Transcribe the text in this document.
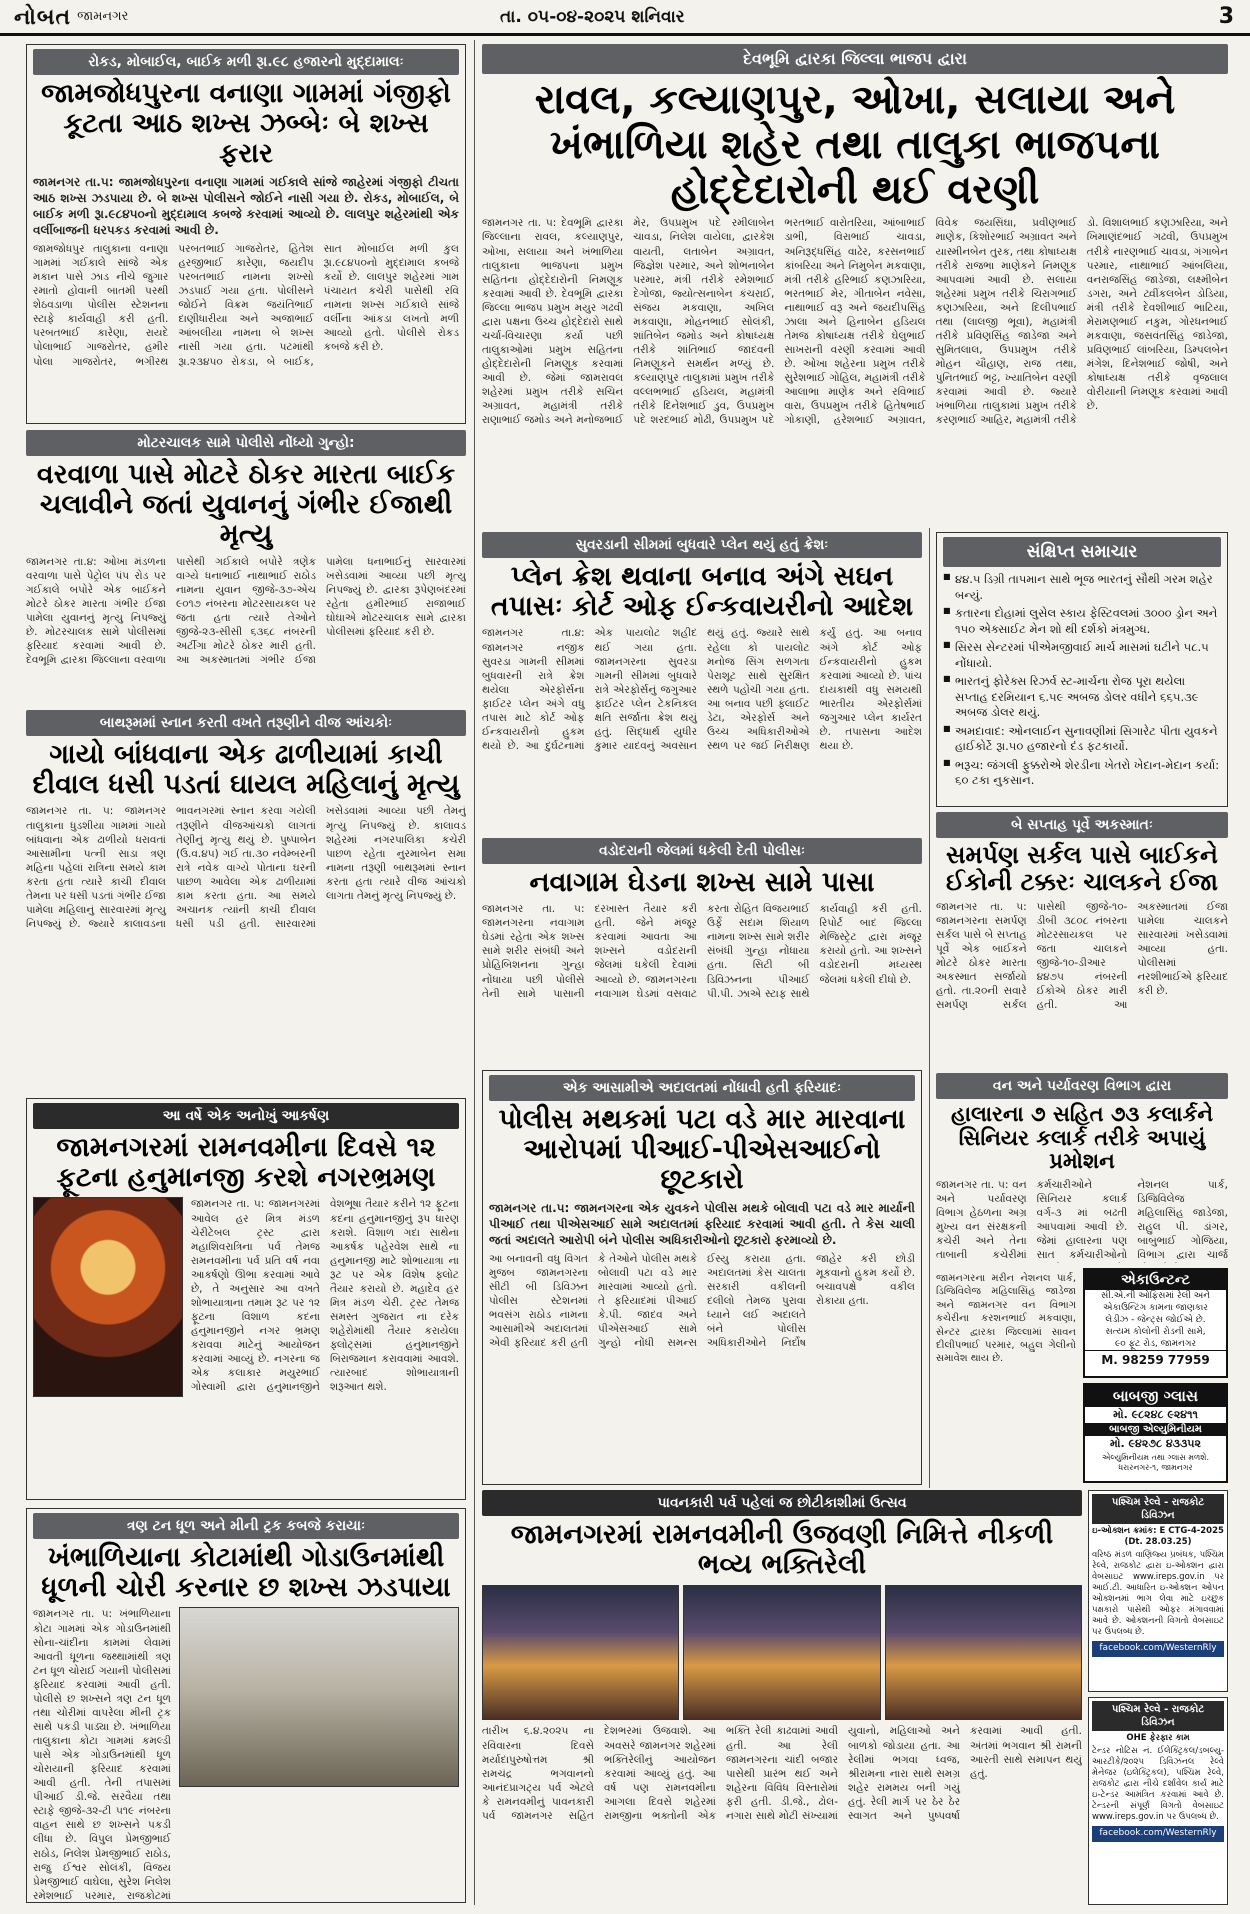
નોબત જામનગર	તા. ૦૫-૦૪-૨૦૨૫ શનિવાર	3
રોકડ, મોબાઈલ, બાઈક મળી રૂા.૯૮ હજારનો મુદ્દામાલઃ
જામજોધપુરના વનાણા ગામમાં ગંજીફો કૂટતા આઠ શખ્સ ઝબ્બેઃ બે શખ્સ ફરાર
જામનગર તા.૫: જામજોધપુરના વનાણા ગામમાં ગઈકાલે સાંજે જાહેરમાં ગંજીફો ટીચતા આઠ શખ્સ ઝડપાયા છે. બે શખ્સ પોલીસને જોઈને નાસી ગયા છે. રોકડ, મોબાઈલ, બે બાઈક મળી રૂા.૯૮૪૫૦નો મુદ્દામાલ કબજે કરવામાં આવ્યો છે. લાલપુર શહેરમાંથી એક વર્લીબાજની ધરપકડ કરવામાં આવી છે.
જામજોધપુર તાલુકાના વનાણા ગામમાં ગઈકાલે સાંજે એક મકાન પાસે ઝાડ નીચે જુગાર રમાતો હોવાની બાતમી પરથી શેઠવડાળા પોલીસ સ્ટેશનના સ્ટાફે કાર્યવાહી કરી હતી. પરબતભાઈ કારેણા, રાયદે પોલાભાઈ ગાજરોતર, હમીર પોલા ગાજરોતર, ભગીરથ પરબતભાઈ ગાજરોતર, હિતેશ હરજીભાઈ કારેણા, જયદીપ પરબતભાઈ નામના શખ્સો ઝડપાઈ ગયા હતા. પોલીસને જોઈને વિક્રમ જયંતિભાઈ દાણીધારીયા અને અજાભાઈ આંબલીયા નામના બે શખ્સ નાસી ગયા હતા. પટમાંથી રૂા.૨૩૪૫૦ રોકડા, બે બાઈક, સાત મોબાઈલ મળી કુલ રૂા.૯૮૪૫૦નો મુદ્દામાલ કબજે કર્યો છે. લાલપુર શહેરમાં ગામ પંચાયત કચેરી પાસેથી રવિ નામના શખ્સ ગઈકાલે સાંજે વર્લીના આંકડા લખતો મળી આવ્યો હતો. પોલીસે રોકડ કબજે કરી છે.
મોટરચાલક સામે પોલીસે નોંધ્યો ગુન્હો:
વરવાળા પાસે મોટરે ઠોકર મારતા બાઈક ચલાવીને જતાં યુવાનનું ગંભીર ઈજાથી મૃત્યુ
જામનગર તા.૪: ઓખા મંડળના વરવાળા પાસે પેટ્રોલ પંપ રોડ પર ગઈકાલે બપોરે એક બાઈકને મોટરે ઠોકર મારતા ગંભીર ઈજા પામેલા યુવાનનું મૃત્યુ નિપજ્યું છે. મોટરચાલક સામે પોલીસમાં ફરિયાદ કરવામાં આવી છે. દેવભૂમિ દ્વારકા જિલ્લાના વરવાળા પાસેથી ગઈકાલે બપોરે ત્રણેક વાગ્યે ધનાભાઈ નાથાભાઈ રાઠોડ નામના યુવાન જીજે-૩૭-એચ ૯૦૧૭ નંબરના મોટરસાયકલ પર જતા હતા ત્યારે તેઓને જીજે-૨૩-સીસી ૬૩૬૮ નંબરની અર્ટીગા મોટરે ઠોકર મારી હતી. આ અકસ્માતમાં ગંભીર ઈજા પામેલા ધનાભાઈનું સારવારમાં ખસેડવામાં આવ્યા પછી મૃત્યુ નિપજ્યું છે. દ્વારકા રૂપેણબંદરમાં રહેતા હમીરભાઈ રાજાભાઈ ઘોઘાએ મોટરચાલક સામે દ્વારકા પોલીસમાં ફરિયાદ કરી છે.
બાથરૂમમાં સ્નાન કરતી વખતે તરૂણીને વીજ આંચકોઃ
ગાયો બાંધવાના એક ઢાળીયામાં કાચી દીવાલ ધસી પડતાં ઘાયલ મહિલાનું મૃત્યુ
જામનગર તા. ૫: જામનગર તાલુકાના ધુડશીયા ગામમાં ગાયો બાંધવાના એક ઢાળીયો ધરાવતાં આસામીના પત્ની સાડા ત્રણ મહિના પહેલાં રાત્રિના સમયે કામ કરતા હતા ત્યારે કાચી દીવાલ તેમના પર ધસી પડતાં ગંભીર ઈજા પામેલા મહિલાનું સારવારમાં મૃત્યુ નિપજ્યું છે. જ્યારે કાલાવડના ભાવનગરમાં સ્નાન કરવા ગયેલી તરૂણીને વીજઆંચકો લાગતાં તેણીનું મૃત્યુ થયું છે. પુષ્પાબેન (ઉ.વ.૪૫) ગઈ તા.૩૦ નવેમ્બરની રાત્રે નવેક વાગ્યે પોતાના ઘરની પાછળ આવેલા એક ઢાળીયામાં કામ કરતા હતા. આ સમયે અચાનક ત્યાંની કાચી દીવાલ ધસી પડી હતી. સારવારમાં ખસેડવામાં આવ્યા પછી તેમનું મૃત્યુ નિપજ્યું છે. કાલાવડ શહેરમાં નગરપાલિકા કચેરી પાછળ રહેતા નુરમાબેન સમા નામના તરૂણી બાથરૂમમાં સ્નાન કરતા હતા ત્યારે વીજ આંચકો લાગતા તેમનું મૃત્યુ નિપજ્યું છે.
આ વર્ષે એક અનોખું આકર્ષણ
જામનગરમાં રામનવમીના દિવસે ૧૨ ફૂટના હનુમાનજી કરશે નગરભ્રમણ
જામનગર તા. ૫: જામનગરમાં આવેલ હર મિત્ર મંડળ ચેરીટેબલ ટ્રસ્ટ દ્વારા મહાશિવરાત્રિના પર્વ તેમજ રામનવમીના પર્વ પ્રતિ વર્ષ નવા આકર્ષણો ઊભા કરવામાં આવે છે, તે અનુસાર આ વખતે શોભાયાત્રાના તમામ રૂટ પર ૧૨ ફૂટના વિશાળ કદના હનુમાનજીને નગર ભ્રમણ કરાવવા માટેનું આયોજન કરવામાં આવ્યું છે. નગરના જ એક કલાકાર મયુરભાઈ ગોસ્વામી દ્વારા હનુમાનજીને વેશભૂષા તૈયાર કરીને ૧૨ ફૂટના કદના હનુમાનજીનું રૂપ ધારણ કરાશે. વિશાળ ગદા સાથેના આકર્ષક પહેરવેશ સાથે ના હનુમાનજી માટે શોભાયાત્રા ના રૂટ પર એક વિશેષ ફ્લોટ તૈયાર કરાયો છે. મહાદેવ હર મિત્ર મંડળ ચેરી. ટ્રસ્ટ તેમજ સમસ્ત ગુજરાત ના દરેક શહેરોમાંથી તૈયાર કરાયેલા ફ્લોટ્સમાં હનુમાનજીને બિરાજમાન કરાવવામાં આવશે. ત્યારબાદ શોભાયાત્રાની શરૂઆત થશે.
ત્રણ ટન ધૂળ અને મીની ટ્રક કબજે કરાયાઃ
ખંભાળિયાના કોટામાંથી ગોડાઉનમાંથી ધૂળની ચોરી કરનાર છ શખ્સ ઝડપાયા
જામનગર તા. ૫: ખંભાળિયાના કોટા ગામમાં એક ગોડાઉનમાંથી સોના-ચાંદીના કામમાં લેવામાં આવતી ધૂળના જથ્થામાંથી ત્રણ ટન ધૂળ ચોરાઈ ગયાની પોલીસમાં ફરિયાદ કરવામાં આવી હતી. પોલીસે છ શખ્સને ત્રણ ટન ધૂળ તથા ચોરીમાં વાપરેલા મીની ટ્રક સાથે પકડી પાડ્યા છે. ખંભાળિયા તાલુકાના કોટા ગામમાં કમલ્ડી પાસે એક ગોડાઉનમાંથી ધૂળ ચોરાયાની ફરિયાદ કરવામાં આવી હતી. તેની તપાસમાં પીઆઈ ડી.જે. સરવૈયા તથા સ્ટાફે જીજે-૩૨-ટી ૫૧૯ નંબરના વાહન સાથે છ શખ્સને પકડી લીધા છે. વિપુલ પ્રેમજીભાઈ રાઠોડ, નિલેશ પ્રેમજીભાઈ રાઠોડ, રાજુ ઈશ્વર સોલંકી, વિજય પ્રેમજીભાઈ વાઘેલા, સુરેશ નિલેશ રમેશભાઈ પરમાર, રાજકોટમાં
દેવભૂમિ દ્વારકા જિલ્લા ભાજપ દ્વારા
રાવલ, કલ્યાણપુર, ઓખા, સલાયા અને ખંભાળિયા શહેર તથા તાલુકા ભાજપના હોદ્દેદારોની થઈ વરણી
જામનગર તા. ૫: દેવભૂમિ દ્વારકા જિલ્લાના રાવલ, કલ્યાણપુર, ઓખા, સલાયા અને ખંભાળિયા તાલુકાના ભાજપના પ્રમુખ સહિતના હોદ્દેદારોની નિમણૂક કરવામાં આવી છે. દેવભૂમિ દ્વારકા જિલ્લા ભાજપ પ્રમુખ મયુર ગઢવી દ્વારા પક્ષના ઉચ્ચ હોદ્દેદારો સાથે ચર્ચા-વિચારણા કર્યા પછી તાલુકાઓમાં પ્રમુખ સહિતના હોદ્દેદારોની નિમણૂક કરવામાં આવી છે. જેમાં જામરાવલ શહેરમાં પ્રમુખ તરીકે સચિન અગ્રાવત, મહામંત્રી તરીકે રાણાભાઈ જમોડ અને મનોજભાઈ મેર, ઉપપ્રમુખ પદે રમીલાબેન ચાવડા, નિલેશ વાયેલા, દ્વારકેશ વાયતી, લતાબેન અગ્રાવત, જિજ્ઞેશ પરમાર, અને શોભનાબેન પરમાર, મંત્રી તરીકે રમેશભાઈ દેગોજા, જ્યોત્સનાબેન કંચરાઈ, સંજય મકવાણા, અખિલ મકવાણા, મોહનભાઈ સોલંકી, શાંતિબેન જમોડ અને કોષાધ્યક્ષ તરીકે શાંતિભાઈ જાદવની નિમણૂકને સમર્થન મળ્યું છે. કલ્યાણપુર તાલુકામાં પ્રમુખ તરીકે વલ્લભભાઈ હડિયલ, મહામંત્રી તરીકે દિનેશભાઈ ડુવ, ઉપપ્રમુખ પદે શરદભાઈ મોઢી, ઉપપ્રમુખ પદે ભરતભાઈ વારોતરિયા, આંબાભાઈ ડાભી, વિરાભાઈ ચાવડા, અનિરૂદ્ધસિંહ વાઢેર, કરસનભાઈ કાંબરિયા અને નિમુબેન મકવાણા, મંત્રી તરીકે હરિભાઈ કણઝારિયા, ભરતભાઈ મેર, ગીતાબેન નવેસા, નાથાભાઈ વરૂ અને જયદીપસિંહ ઝાલા અને હિનાબેન હડિયલ તેમજ કોષાધ્યક્ષ તરીકે ઘેલુભાઈ સાખરાની વરણી કરવામાં આવી છે. ઓખા શહેરના પ્રમુખ તરીકે સુરેશભાઈ ગોહિલ, મહામંત્રી તરીકે આલાભા માણેક અને રવિભાઈ વારા, ઉપપ્રમુખ તરીકે હિતેષભાઈ ગોકાણી, હરેશભાઈ અગ્રાવત, વિવેક જયસિંઘા, પ્રવીણભાઈ માણેક, કિશોરભાઈ અગ્રાવત અને યાસ્મીનબેન તુરક, તથા કોષાધ્યક્ષ તરીકે રાજભા માણેકને નિમણૂક આપવામાં આવી છે. સલાયા શહેરમાં પ્રમુખ તરીકે ચિરાગભાઈ કણઝારિયા, અને દિલીપભાઈ તથા (લાલજી ભૂવા), મહામંત્રી તરીકે પ્રવિણસિંહ જાડેજા અને સુમિતલાલ, ઉપપ્રમુખ તરીકે મોહન ચૌહાણ, રાજ તથા, પુનિતભાઈ ભટ્ટ, ખ્યાતિબેન વરણી કરવામાં આવી છે. જ્યારે ખંભાળિયા તાલુકામાં પ્રમુખ તરીકે કરણભાઈ આહિર, મહામંત્રી તરીકે ડો. વિશાલભાઈ કણઝારિયા, અને ખિમાણંદભાઈ ગઢવી, ઉપપ્રમુખ તરીકે નારણભાઈ ચાવડા, ગંગાબેન પરમાર, નાથાભાઈ આંબલિયા, વનરાજસિંહ જાડેજા, લક્ષ્મીબેન ડગરા, અને ટ્વીંકલબેન ડોડિયા, મંત્રી તરીકે દેવશીભાઈ ભાટિયા, મેરામણભાઈ નકુમ, ગોરધનભાઈ મકવાણા, જસવંતસિંહ જાડેજા, પ્રવિણભાઈ લાંબરિયા, ડિમ્પલબેન મંગેશ, દિનેશભાઈ જોષી, અને કોષાધ્યક્ષ તરીકે વૃજલાલ વોરીયાની નિમણૂક કરવામાં આવી છે.
સુવરડાની સીમમાં બુધવારે પ્લેન થયું હતું ક્રેશઃ
પ્લેન ક્રેશ થવાના બનાવ અંગે સઘન તપાસઃ કોર્ટ ઓફ ઈન્કવાયરીનો આદેશ
જામનગર તા.૪: જામનગર નજીક સુવરડા ગામની સીમમાં બુધવારની રાત્રે ક્રેશ થયેલા એરફોર્સના ફાઈટર પ્લેન અંગે વધુ તપાસ માટે કોર્ટ ઓફ ઈન્કવાયરીનો હુકમ થયો છે. આ દુર્ઘટનામાં એક પાયલોટ શહીદ થઈ ગયા હતા. જામનગરના સુવરડા ગામની સીમમાં બુધવારે રાત્રે એરફોર્સનું જગુઆર ફાઈટર પ્લેન ટેકનિકલ ક્ષતિ સર્જાતા ક્રેશ થયું હતું. સિદ્ધાર્થ યુધીર કુમાર યાદવનું અવસાન થયું હતું. જ્યારે સાથે રહેલા કો પાયલોટ મનોજ સિંગ સળગતા પેરાશૂટ સાથે સુરક્ષિત સ્થળે પહોંચી ગયા હતા. આ બનાવ પછી ફ્લાઈટ ડેટા, એરફોર્સ અને ઉચ્ચ અધિકારીઓએ સ્થળ પર જઈ નિરીક્ષણ કર્યું હતું. આ બનાવ અંગે કોર્ટ ઓફ ઈન્કવાયરીનો હુકમ કરવામાં આવ્યો છે. પાંચ દાયકાથી વધુ સમયથી ભારતીય એરફોર્સમાં જગુઆર પ્લેન કાર્યરત છે. તપાસના આદેશ થયા છે.
વડોદરાની જેલમાં ધકેલી દેતી પોલીસઃ
નવાગામ ઘેડના શખ્સ સામે પાસા
જામનગર તા. ૫: જામનગરના નવાગામ ઘેડમાં રહેતા એક શખ્સ સામે શરીર સંબંધી અને પ્રોહિબિશનના ગુન્હા નોંધાયા પછી પોલીસે તેની સામે પાસાની દરખાસ્ત તૈયાર કરી હતી. જેને મંજૂર કરવામાં આવતા આ શખ્સને વડોદરાની જેલમાં ધકેલી દેવામાં આવ્યો છે. જામનગરના નવાગામ ઘેડમાં વસવાટ કરતા રોહિત વિજયભાઈ ઉર્ફે સદામ શિયાળ નામના શખ્સ સામે શરીર સંબંધી ગુન્હા નોંધાયા હતા. સિટી બી ડિવિઝનના પીઆઈ પી.પી. ઝાએ સ્ટાફ સાથે કાર્યવાહી કરી હતી. રિપોર્ટ બાદ જિલ્લા મેજિસ્ટ્રેટ દ્વારા મંજૂર કરાયો હતો. આ શખ્સને વડોદરાની મધ્યસ્થ જેલમાં ધકેલી દીધો છે.
એક આસામીએ અદાલતમાં નોંધાવી હતી ફરિયાદઃ
પોલીસ મથકમાં પટા વડે માર મારવાના આરોપમાં પીઆઈ-પીએસઆઈનો છૂટકારો
જામનગર તા.૫: જામનગરના એક યુવકને પોલીસ મથકે બોલાવી પટા વડે માર માર્યાની પીઆઈ તથા પીએસઆઈ સામે અદાલતમાં ફરિયાદ કરવામાં આવી હતી. તે કેસ ચાલી જતાં અદાલતે આરોપી બંને પોલીસ અધિકારીઓનો છૂટકારો ફરમાવ્યો છે.
આ બનાવની વધુ વિગત મુજબ જામનગરના સીટી બી ડિવિઝન પોલીસ સ્ટેશનમાં ભવસંગ રાઠોડ નામના આસામીએ અદાલતમાં એવી ફરિયાદ કરી હતી કે તેઓને પોલીસ મથકે બોલાવી પટા વડે માર મારવામાં આવ્યો હતો. તે ફરિયાદમાં પીઆઈ કે.પી. જાદવ અને પીએસઆઈ સામે ગુન્હો નોંધી સમન્સ ઈસ્યુ કરાયા હતા. અદાલતમાં કેસ ચાલતા સરકારી વકીલની દલીલો તેમજ પુરાવા ધ્યાને લઈ અદાલતે બંને પોલીસ અધિકારીઓને નિર્દોષ જાહેર કરી છોડી મૂકવાનો હુકમ કર્યો છે. બચાવપક્ષે વકીલ રોકાયા હતા.
સંક્ષિપ્ત સમાચાર
■ ૪૪.૫ ડિગ્રી તાપમાન સાથે ભૂજ ભારતનું સૌથી ગરમ શહેર બન્યું.
■ કતારના દોહામાં લુસેલ સ્કાય ફેસ્ટિવલમાં ૩૦૦૦ ડ્રોન અને ૧૫૦ એક્સાઈટ મેન શો થી દર્શકો મંત્રમુગ્ધ.
■ સિરસ સેન્ટરમાં પીએમજીવાઈ માર્ચ માસમાં ઘટીને ૫૮.૫ નોંધાયો.
■ ભારતનું ફોરેક્સ રિઝર્વ સ્ટ-માર્ચના રોજ પૂરા થયેલા સપ્તાહ દરમિયાન ૬.૫૯ અબજ ડોલર વધીને ૬૬૫.૩૯ અબજ ડોલર થયું.
■ અમદાવાદ: ઓનલાઈન સુનાવણીમાં સિગારેટ પીતા યુવકને હાઈકોર્ટે રૂા.૫૦ હજારનો દંડ ફટકાર્યો.
■ ભરૂચ: જંગલી ફુક્કરોએ શેરડીના ખેતરો ખેદાન-મેદાન કર્યા: ૬૦ ટકા નુકસાન.
બે સપ્તાહ પૂર્વે અકસ્માતઃ
સમર્પણ સર્કલ પાસે બાઈકને ઈકોની ટક્કરઃ ચાલકને ઈજા
જામનગર તા. ૫: જામનગરના સમર્પણ સર્કલ પાસે બે સપ્તાહ પૂર્વે એક બાઈકને મોટરે ઠોકર મારતા અકસ્માત સર્જાયો હતો. તા.૨૦ની સવારે સમર્પણ સર્કલ પાસેથી જીજે-૧૦-ડીબી ૩૮૦૮ નંબરના મોટરસાયકલ પર જતા ચાલકને જીજે-૧૦-ડીઆર ૪૪૭૫ નંબરની ઈકોએ ઠોકર મારી હતી. આ અકસ્માતમાં ઈજા પામેલા ચાલકને સારવારમાં ખસેડવામાં આવ્યા હતા. પોલીસમાં નરશીભાઈએ ફરિયાદ કરી છે.
વન અને પર્યાવરણ વિભાગ દ્વારા
હાલારના ૭ સહિત ૭૩ કલાર્કને સિનિયર કલાર્ક તરીકે અપાયું પ્રમોશન
જામનગર તા. ૫: વન અને પર્યાવરણ વિભાગ હેઠળના અગ્ર મુખ્ય વન સંરક્ષકની કચેરી અને તેના તાબાની કચેરીમાં કર્મચારીઓને સિનિયર કલાર્ક વર્ગ-૩ માં બઢતી આપવામાં આવી છે. જેમાં હાલારના પણ સાત કર્મચારીઓનો નેશનલ પાર્ક, ડિજિવિલેજ મહિલાસિંહ જાડેજા, રાહુલ પી. ડાંગર, બાબુભાઈ ગોજિયા, વિભાગ દ્વારા ચાર્જ
જામનગરના મરીન નેશનલ પાર્ક, ડિજિવિલેજ મહિલાસિંહ જાડેજા અને જામનગર વન વિભાગ કચેરીના કરશનભાઈ મકવાણા, સેન્ટર દ્વારકા જિલ્લામાં સાવન દીલીપભાઈ પરમાર, બહુલ ગેલીનો સમાવેશ થાય છે.
એકાઉન્ટન્ટ
સી.એ.ની ઓફિસમાં રેલી અને
એકાઉન્ટિંગ કામના જાણકાર
લેડીઝ - જેન્ટ્સ જોઈએ છે.
સત્યમ કોલોની રોડની સામે,
૯૦ ફૂટ રોડ, જામનગર
M. 98259 77959
બાબજી ગ્લાસ
મો. ૯૮૨૪૮ ૯૨૪૧૧
બાબજી એલ્યુમિનીયમ
મો. ૯૪૨૭૮ ૪૩૩૫૨
એલ્યુમિનીયમ તથા ગ્લાસ મળશે. ધરારનગર-૧, જામનગર
પાવનકારી પર્વ પહેલાં જ છોટીકાશીમાં ઉત્સવ
જામનગરમાં રામનવમીની ઉજવણી નિમિત્તે નીકળી ભવ્ય ભક્તિરેલી
તારીખ ૬.૪.૨૦૨૫ ના રવિવારના દિવસે મર્યાદાપુરુષોત્તમ શ્રી રામચંદ્ર ભગવાનનો આનંદપ્રાગટ્ય પર્વ એટલે કે રામનવમીનું પાવનકારી પર્વ જામનગર સહિત દેશભરમાં ઉજવાશે. આ અવસરે જામનગર શહેરમાં ભક્તિરેલીનું આયોજન કરવામાં આવ્યું હતું. આ વર્ષ પણ રામનવમીના આગલા દિવસે શહેરમાં રામજીના ભક્તોની એક ભક્તિ રેલી કાઢવામાં આવી હતી. આ રેલી જામનગરના ચાંદી બજાર પાસેથી પ્રારંભ થઈ અને શહેરના વિવિધ વિસ્તારોમાં ફરી હતી. ડી.જે., ઢોલ-નગારા સાથે મોટી સંખ્યામાં યુવાનો, મહિલાઓ અને બાળકો જોડાયા હતા. આ રેલીમાં ભગવા ધ્વજ, શ્રીરામના નારા સાથે સમગ્ર શહેર રામમય બની ગયું હતું. રેલી માર્ગ પર ઠેર ઠેર સ્વાગત અને પુષ્પવર્ષા કરવામાં આવી હતી. અંતમાં ભગવાન શ્રી રામની આરતી સાથે સમાપન થયું હતું.
પશ્ચિમ રેલ્વે - રાજકોટ ડિવિઝન
ઇ-ઓક્શન ક્રમાંક: E CTG-4-2025 (Dt. 28.03.25)
વરિષ્ઠ મંડળ વાણિજ્ય પ્રબંધક, પશ્ચિમ રેલ્વે, રાજકોટ દ્વારા ઇ-ઓક્શન દ્વારા વેબસાઇટ www.ireps.gov.in પર આઈ.ટી. આધારિત ઇ-ઓક્શન ઓપન ઓક્શનમાં ભાગ લેવા માટે ઇચ્છુક પક્ષકારો પાસેથી ઓફર મંગાવવામાં આવે છે. ઓક્શનની વિગતો વેબસાઇટ પર ઉપલબ્ધ છે.
facebook.com/WesternRly
પશ્ચિમ રેલ્વે - રાજકોટ ડિવિઝન
OHE ફેરફાર કામ
ટેન્ડર નોટિસ નં. ઈલેક્ટ્રિકલ/ડબલ્યુ-આરટીકે/૨૦૨૫ ડિવિઝનલ રેલ્વે મેનેજર (ઇલેક્ટ્રિકલ), પશ્ચિમ રેલ્વે, રાજકોટ દ્વારા નીચે દર્શાવેલ કાર્ય માટે ઇ-ટેન્ડર આમંત્રિત કરવામાં આવે છે. ટેન્ડરની સંપૂર્ણ વિગતો વેબસાઇટ www.ireps.gov.in પર ઉપલબ્ધ છે.
facebook.com/WesternRly
